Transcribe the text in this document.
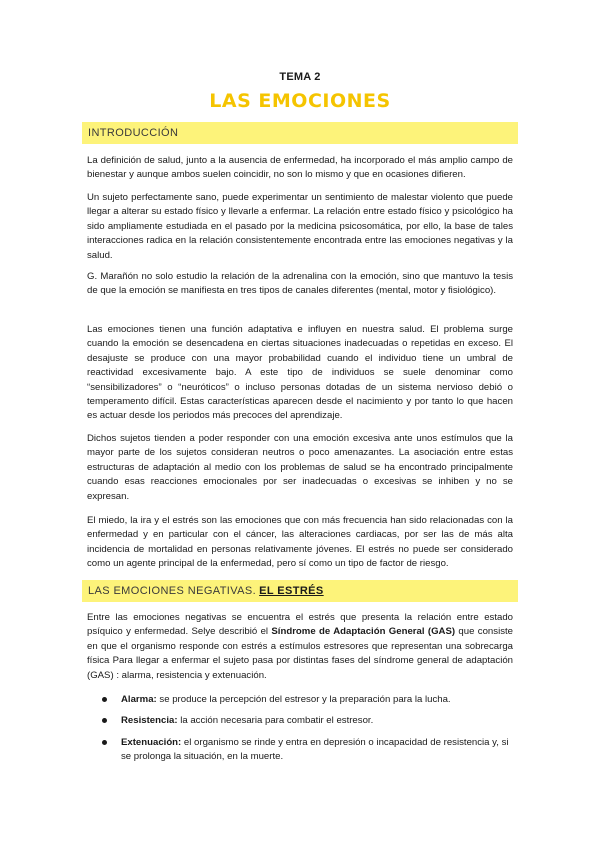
TEMA 2
LAS EMOCIONES
INTRODUCCIÓN

La definición de salud, junto a la ausencia de enfermedad, ha incorporado el más amplio campo de bienestar y aunque ambos suelen coincidir, no son lo mismo y que en ocasiones difieren.

Un sujeto perfectamente sano, puede experimentar un sentimiento de malestar violento que puede llegar a alterar su estado físico y llevarle a enfermar. La relación entre estado físico y psicológico ha sido ampliamente estudiada en el pasado por la medicina psicosomática, por ello, la base de tales interacciones radica en la relación consistentemente encontrada entre las emociones negativas y la salud.

G. Marañón no solo estudio la relación de la adrenalina con la emoción, sino que mantuvo la tesis de que la emoción se manifiesta en tres tipos de canales diferentes (mental, motor y fisiológico).

Las emociones tienen una función adaptativa e influyen en nuestra salud. El problema surge cuando la emoción se desencadena en ciertas situaciones inadecuadas o repetidas en exceso. El desajuste se produce con una mayor probabilidad cuando el individuo tiene un umbral de reactividad excesivamente bajo. A este tipo de individuos se suele denominar como “sensibilizadores” o “neuróticos” o incluso personas dotadas de un sistema nervioso debió o temperamento difícil. Estas características aparecen desde el nacimiento y por tanto lo que hacen es actuar desde los periodos más precoces del aprendizaje.

Dichos sujetos tienden a poder responder con una emoción excesiva ante unos estímulos que la mayor parte de los sujetos consideran neutros o poco amenazantes. La asociación entre estas estructuras de adaptación al medio con los problemas de salud se ha encontrado principalmente cuando esas reacciones emocionales por ser inadecuadas o excesivas se inhiben y no se expresan.

El miedo, la ira y el estrés son las emociones que con más frecuencia han sido relacionadas con la enfermedad y en particular con el cáncer, las alteraciones cardiacas, por ser las de más alta incidencia de mortalidad en personas relativamente jóvenes. El estrés no puede ser considerado como un agente principal de la enfermedad, pero sí como un tipo de factor de riesgo.

LAS EMOCIONES NEGATIVAS. EL ESTRÉS

Entre las emociones negativas se encuentra el estrés que presenta la relación entre estado psíquico y enfermedad. Selye describió el Síndrome de Adaptación General (GAS) que consiste en que el organismo responde con estrés a estímulos estresores que representan una sobrecarga física Para llegar a enfermar el sujeto pasa por distintas fases del síndrome general de adaptación (GAS) : alarma, resistencia y extenuación.

Alarma: se produce la percepción del estresor y la preparación para la lucha.
Resistencia: la acción necesaria para combatir el estresor.
Extenuación: el organismo se rinde y entra en depresión o incapacidad de resistencia y, si se prolonga la situación, en la muerte.
